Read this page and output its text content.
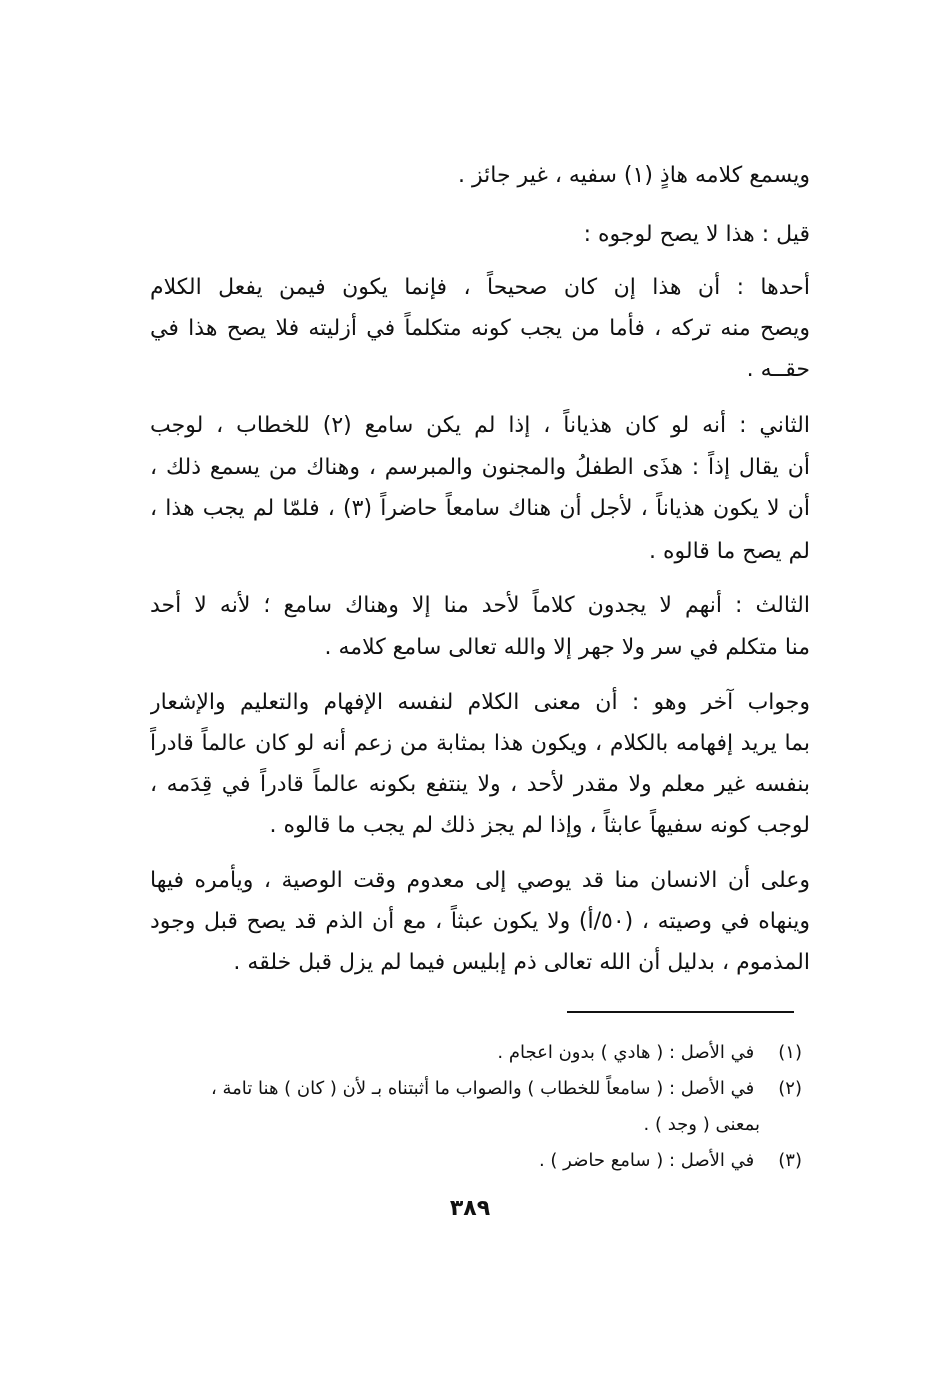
ويسمع كلامه هاذٍ (١) سفيه ، غير جائز .
قيل : هذا لا يصح لوجوه :
أحدها : أن هذا إن كان صحيحاً ، فإنما يكون فيمن يفعل الكلام
ويصح منه تركه ، فأما من يجب كونه متكلماً في أزليته فلا يصح هذا في
حقــه .
الثاني : أنه لو كان هذياناً ، إذا لم يكن سامع (٢) للخطاب ، لوجب
أن يقال إذاً : هذَى الطفلُ والمجنون والمبرسم ، وهناك من يسمع ذلك ،
أن لا يكون هذياناً ، لأجل أن هناك سامعاً حاضراً (٣) ، فلمّا لم يجب هذا ،
لم يصح ما قالوه .
الثالث : أنهم لا يجدون كلاماً لأحد منا إلا وهناك سامع ؛ لأنه لا أحد
منا متكلم في سر ولا جهر إلا والله تعالى سامع كلامه .
وجواب آخر وهو : أن معنى الكلام لنفسه الإفهام والتعليم والإشعار
بما يريد إفهامه بالكلام ، ويكون هذا بمثابة من زعم أنه لو كان عالماً قادراً
بنفسه غير معلم ولا مقدر لأحد ، ولا ينتفع بكونه عالماً قادراً في قِدَمه ،
لوجب كونه سفيهاً عابثاً ، وإذا لم يجز ذلك لم يجب ما قالوه .
وعلى أن الانسان منا قد يوصي إلى معدوم وقت الوصية ، ويأمره فيها
وينهاه في وصيته ، (٥٠/أ) ولا يكون عبثاً ، مع أن الذم قد يصح قبل وجود
المذموم ، بدليل أن الله تعالى ذم إبليس فيما لم يزل قبل خلقه .
(١) في الأصل : ( هادي ) بدون اعجام .
(٢) في الأصل : ( سامعاً للخطاب ) والصواب ما أثبتناه بـ لأن ( كان ) هنا تامة ،
بمعنى ( وجد ) .
(٣) في الأصل : ( سامع حاضر ) .
٣٨٩
